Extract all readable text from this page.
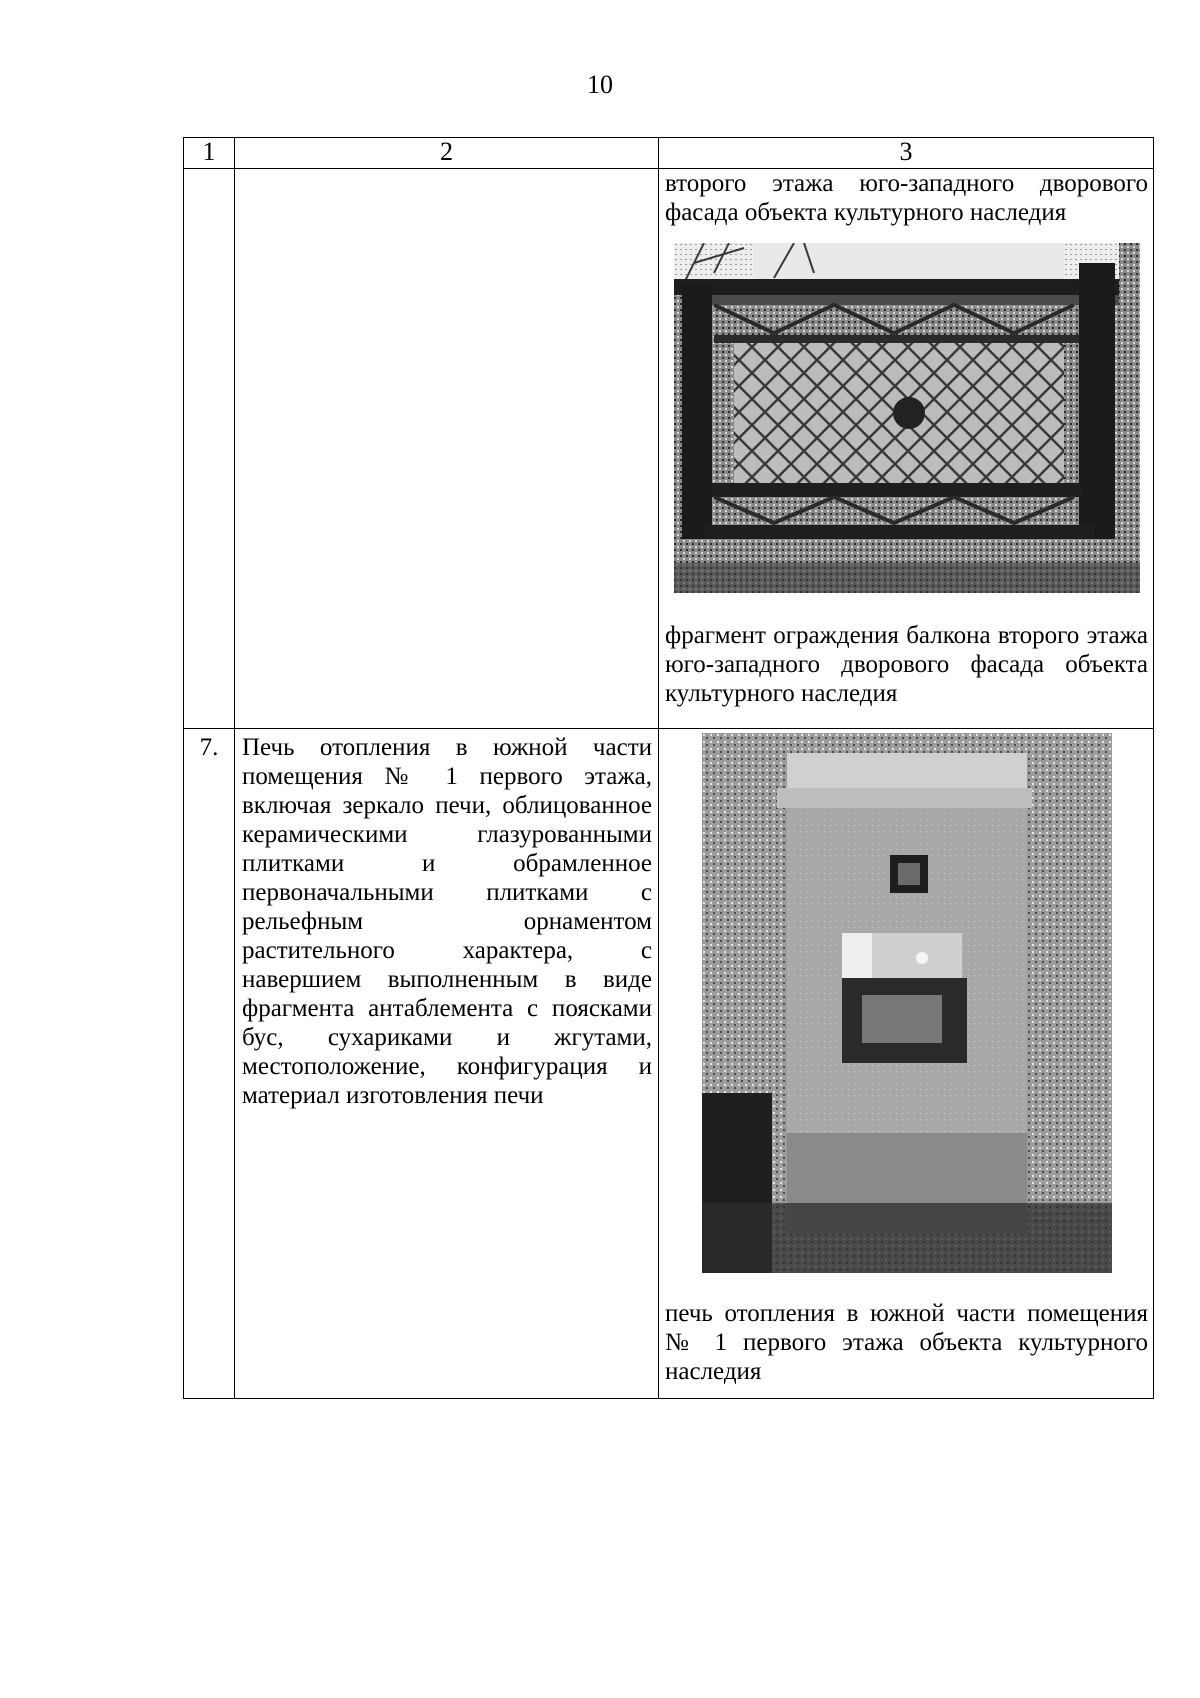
10
1	2	3

		второго этажа юго-западного дворового фасада объекта культурного наследия

фрагмент ограждения балкона второго этажа юго-западного дворового фасада объекта культурного наследия

7.	Печь отопления в южной части помещения № 1 первого этажа, включая зеркало печи, облицованное керамическими глазурованными плитками и обрамленное первоначальными плитками с рельефным орнаментом растительного характера, с навершием выполненным в виде фрагмента антаблемента с поясками бус, сухариками и жгутами, местоположение, конфигурация и материал изготовления печи	печь отопления в южной части помещения № 1 первого этажа объекта культурного наследия
